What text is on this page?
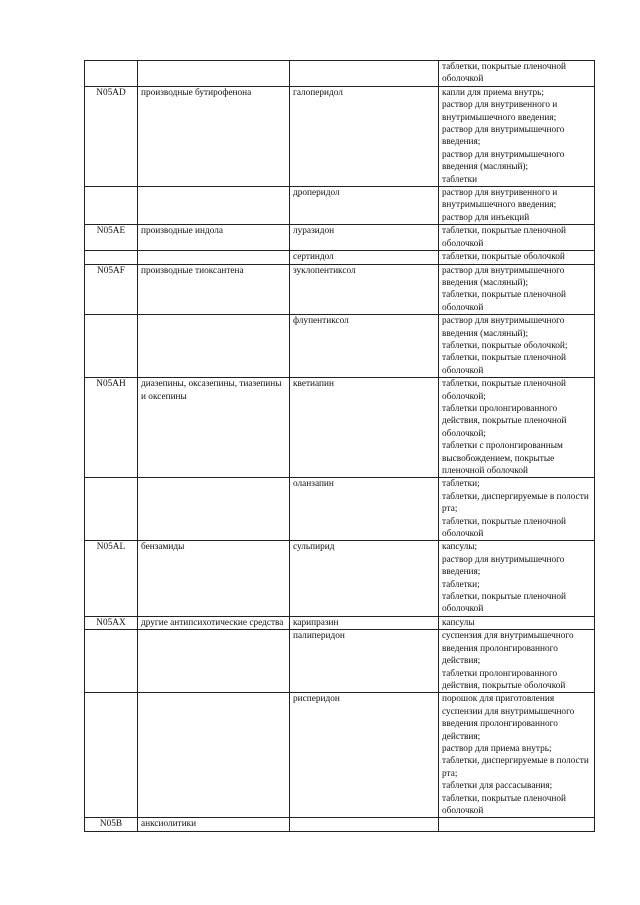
			таблетки, покрытые пленочной оболочкой

N05AD	производные бутирофенона	галоперидол	капли для приема внутрь;
раствор для внутривенного и внутримышечного введения;
раствор для внутримышечного введения;
раствор для внутримышечного введения (масляный);
таблетки

		дроперидол	раствор для внутривенного и внутримышечного введения;
раствор для инъекций

N05AE	производные индола	луразидон	таблетки, покрытые пленочной оболочкой

		сертиндол	таблетки, покрытые оболочкой

N05AF	производные тиоксантена	зуклопентиксол	раствор для внутримышечного введения (масляный);
таблетки, покрытые пленочной оболочкой

		флупентиксол	раствор для внутримышечного введения (масляный);
таблетки, покрытые оболочкой;
таблетки, покрытые пленочной оболочкой

N05AH	диазепины, оксазепины, тиазепины и оксепины	кветиапин	таблетки, покрытые пленочной оболочкой;
таблетки пролонгированного действия, покрытые пленочной оболочкой;
таблетки с пролонгированным высвобождением, покрытые пленочной оболочкой

		оланзапин	таблетки;
таблетки, диспергируемые в полости рта;
таблетки, покрытые пленочной оболочкой

N05AL	бензамиды	сульпирид	капсулы;
раствор для внутримышечного введения;
таблетки;
таблетки, покрытые пленочной оболочкой

N05AX	другие антипсихотические средства	карипразин	капсулы

		палиперидон	суспензия для внутримышечного введения пролонгированного действия;
таблетки пролонгированного действия, покрытые оболочкой

		рисперидон	порошок для приготовления суспензии для внутримышечного введения пролонгированного действия;
раствор для приема внутрь;
таблетки, диспергируемые в полости рта;
таблетки для рассасывания;
таблетки, покрытые пленочной оболочкой

N05B	анксиолитики		
